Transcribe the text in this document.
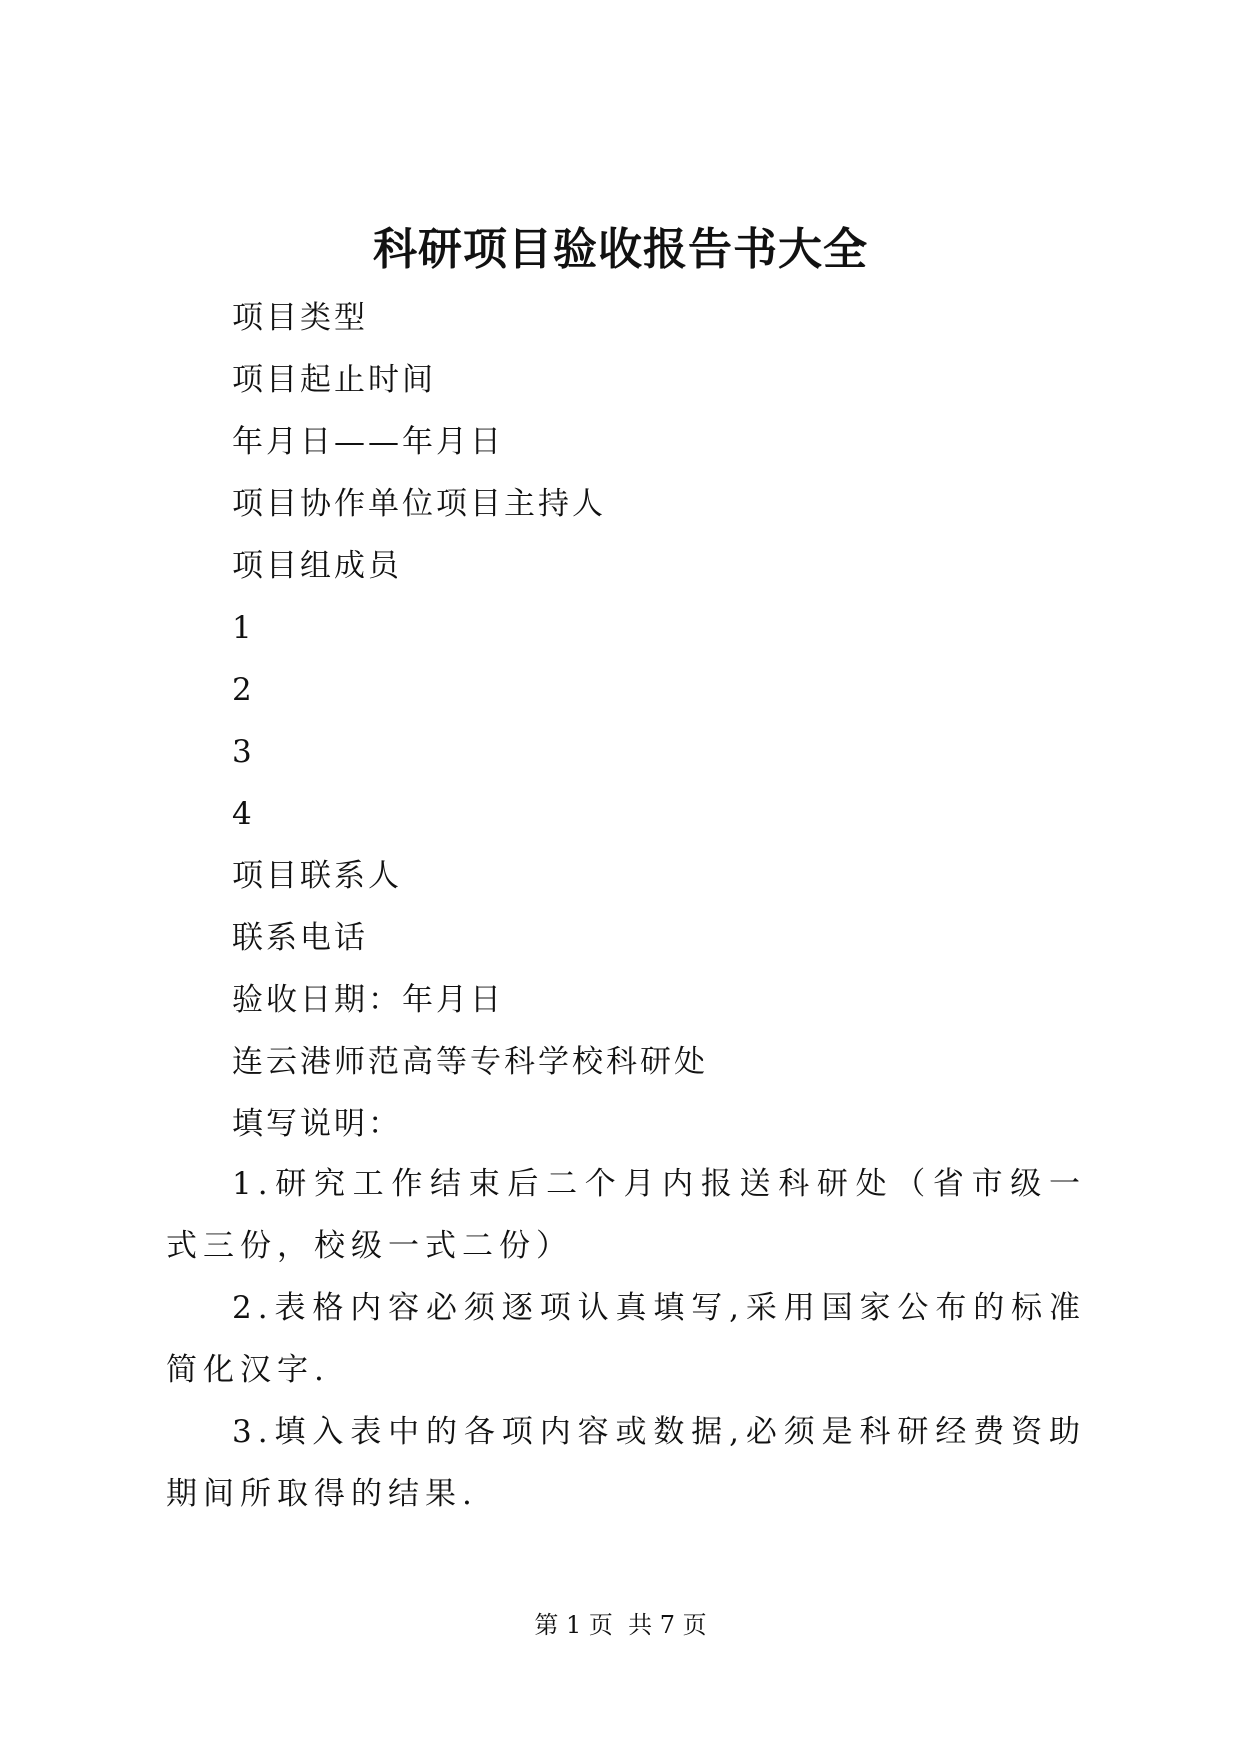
科研项目验收报告书大全
项目类型
项目起止时间
年月日——年月日
项目协作单位项目主持人
项目组成员
1
2
3
4
项目联系人
联系电话
验收日期：年月日
连云港师范高等专科学校科研处
填写说明：
1.研究工作结束后二个月内报送科研处（省市级一式三份，校级一式二份）
2.表格内容必须逐项认真填写,采用国家公布的标准简化汉字.
3.填入表中的各项内容或数据,必须是科研经费资助期间所取得的结果.
第 1 页  共 7 页
